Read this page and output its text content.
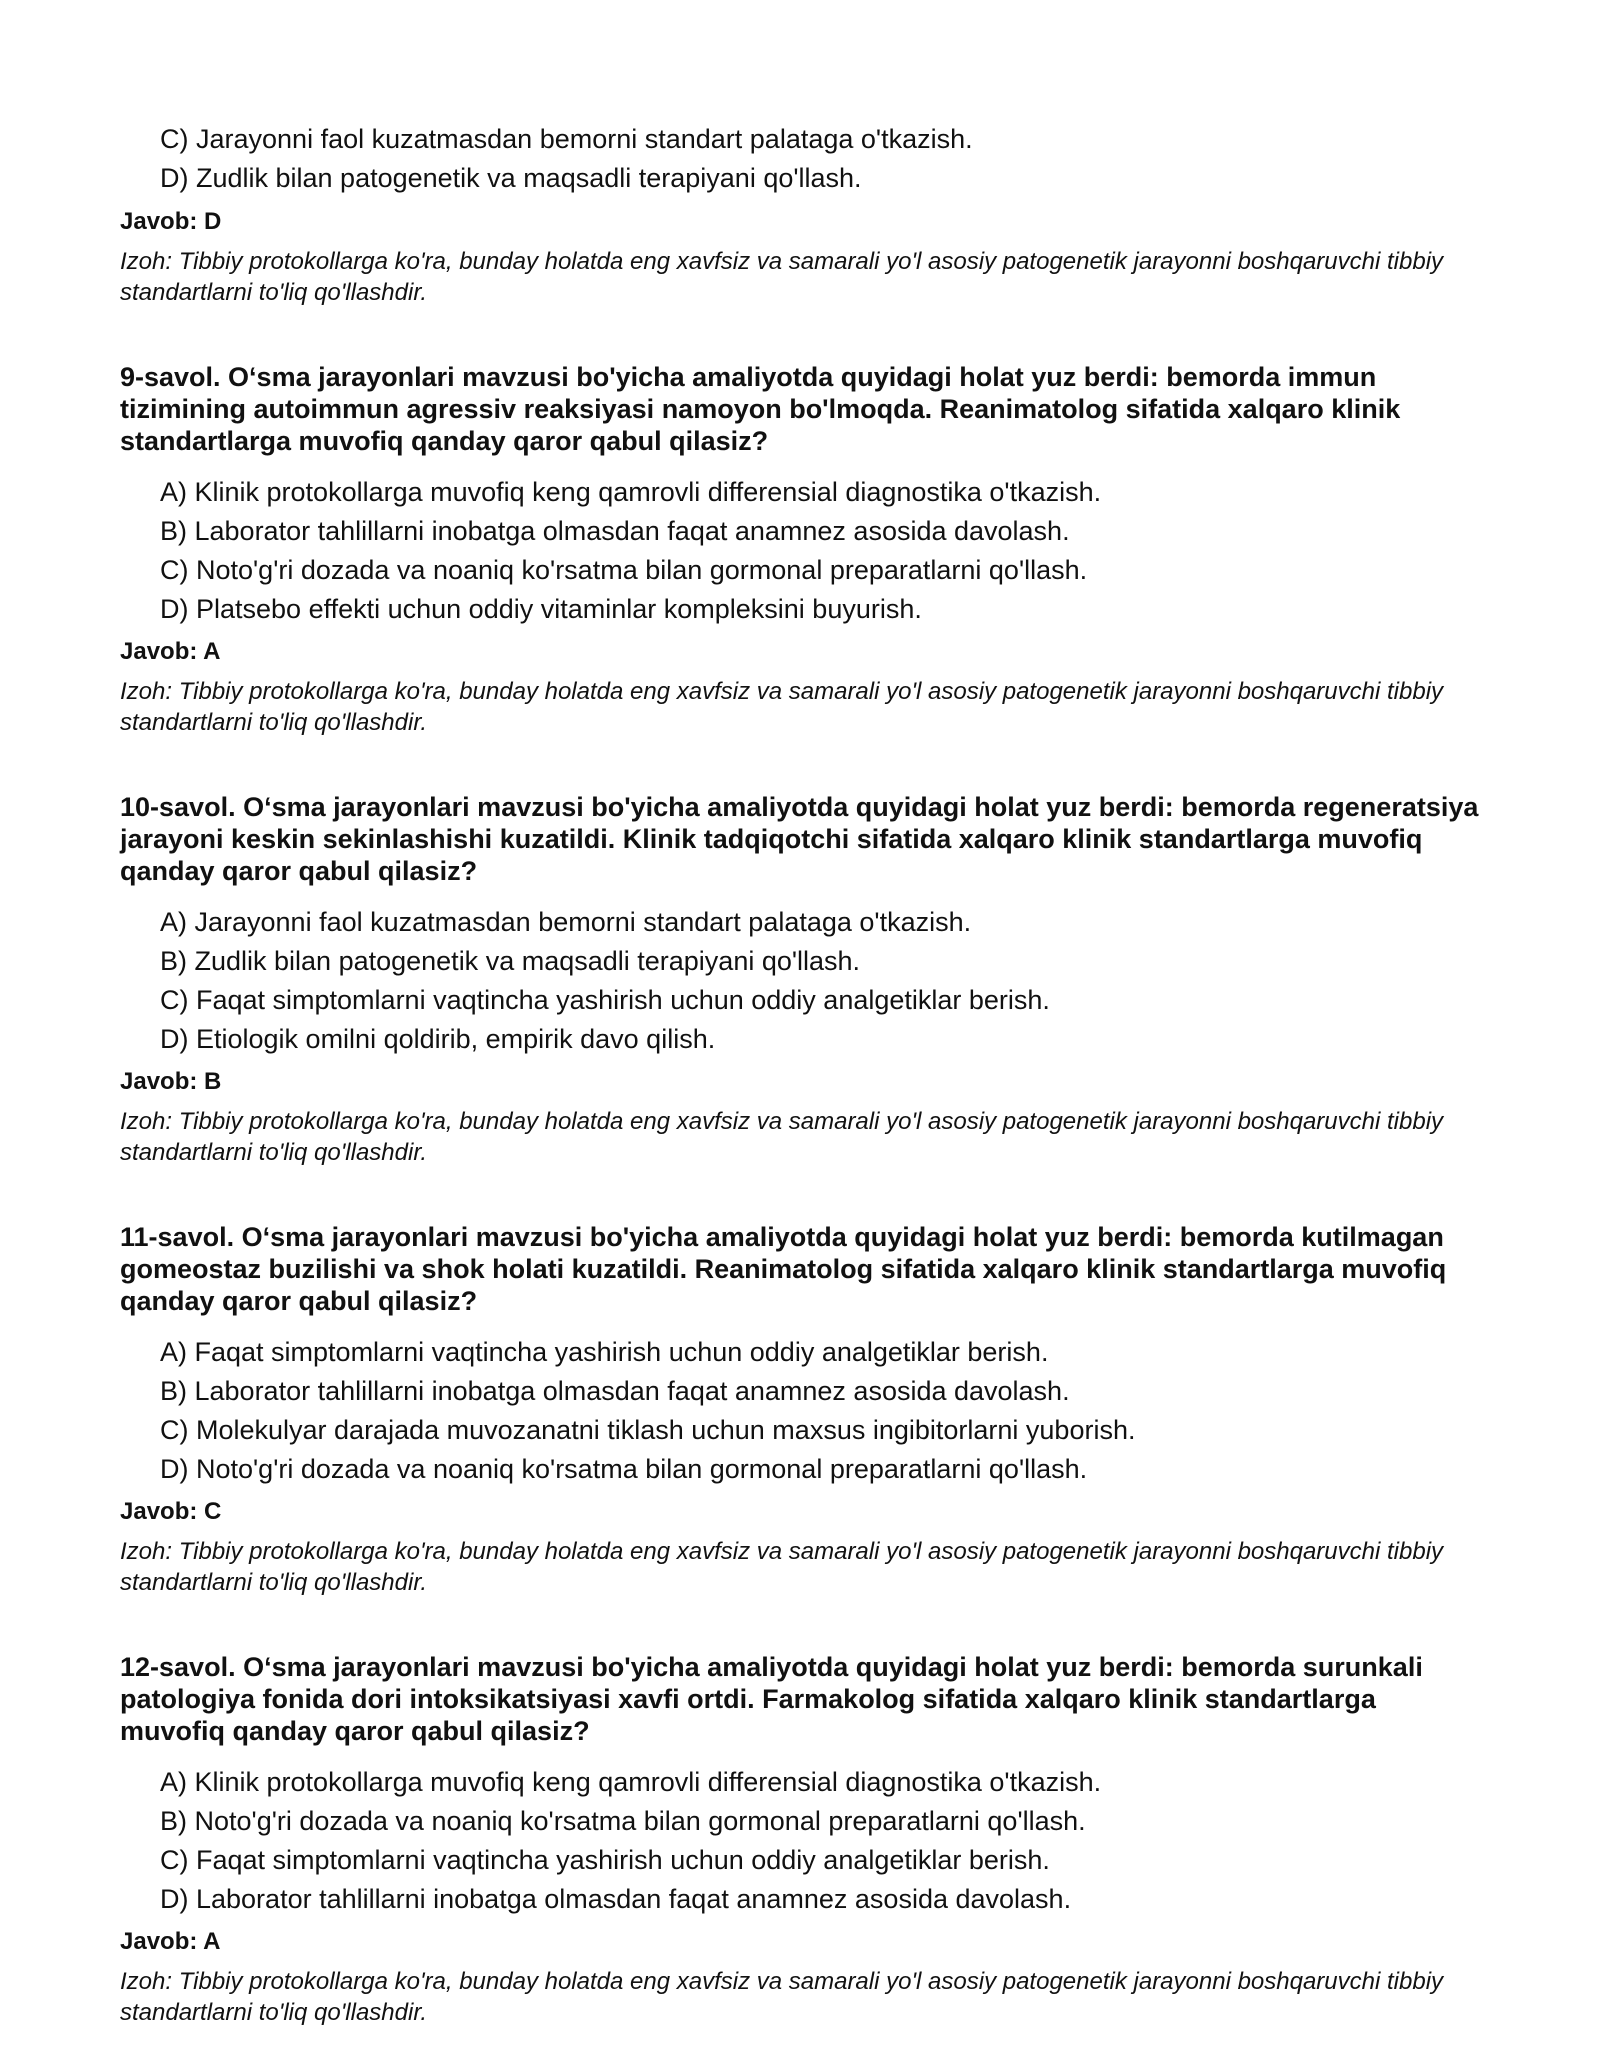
C) Jarayonni faol kuzatmasdan bemorni standart palataga o'tkazish.
D) Zudlik bilan patogenetik va maqsadli terapiyani qo'llash.
Javob: D
Izoh: Tibbiy protokollarga ko'ra, bunday holatda eng xavfsiz va samarali yo'l asosiy patogenetik jarayonni boshqaruvchi tibbiy standartlarni to'liq qo'llashdir.
9-savol. O‘sma jarayonlari mavzusi bo'yicha amaliyotda quyidagi holat yuz berdi: bemorda immun tizimining autoimmun agressiv reaksiyasi namoyon bo'lmoqda. Reanimatolog sifatida xalqaro klinik standartlarga muvofiq qanday qaror qabul qilasiz?
A) Klinik protokollarga muvofiq keng qamrovli differensial diagnostika o'tkazish.
B) Laborator tahlillarni inobatga olmasdan faqat anamnez asosida davolash.
C) Noto'g'ri dozada va noaniq ko'rsatma bilan gormonal preparatlarni qo'llash.
D) Platsebo effekti uchun oddiy vitaminlar kompleksini buyurish.
Javob: A
Izoh: Tibbiy protokollarga ko'ra, bunday holatda eng xavfsiz va samarali yo'l asosiy patogenetik jarayonni boshqaruvchi tibbiy standartlarni to'liq qo'llashdir.
10-savol. O‘sma jarayonlari mavzusi bo'yicha amaliyotda quyidagi holat yuz berdi: bemorda regeneratsiya jarayoni keskin sekinlashishi kuzatildi. Klinik tadqiqotchi sifatida xalqaro klinik standartlarga muvofiq qanday qaror qabul qilasiz?
A) Jarayonni faol kuzatmasdan bemorni standart palataga o'tkazish.
B) Zudlik bilan patogenetik va maqsadli terapiyani qo'llash.
C) Faqat simptomlarni vaqtincha yashirish uchun oddiy analgetiklar berish.
D) Etiologik omilni qoldirib, empirik davo qilish.
Javob: B
Izoh: Tibbiy protokollarga ko'ra, bunday holatda eng xavfsiz va samarali yo'l asosiy patogenetik jarayonni boshqaruvchi tibbiy standartlarni to'liq qo'llashdir.
11-savol. O‘sma jarayonlari mavzusi bo'yicha amaliyotda quyidagi holat yuz berdi: bemorda kutilmagan gomeostaz buzilishi va shok holati kuzatildi. Reanimatolog sifatida xalqaro klinik standartlarga muvofiq qanday qaror qabul qilasiz?
A) Faqat simptomlarni vaqtincha yashirish uchun oddiy analgetiklar berish.
B) Laborator tahlillarni inobatga olmasdan faqat anamnez asosida davolash.
C) Molekulyar darajada muvozanatni tiklash uchun maxsus ingibitorlarni yuborish.
D) Noto'g'ri dozada va noaniq ko'rsatma bilan gormonal preparatlarni qo'llash.
Javob: C
Izoh: Tibbiy protokollarga ko'ra, bunday holatda eng xavfsiz va samarali yo'l asosiy patogenetik jarayonni boshqaruvchi tibbiy standartlarni to'liq qo'llashdir.
12-savol. O‘sma jarayonlari mavzusi bo'yicha amaliyotda quyidagi holat yuz berdi: bemorda surunkali patologiya fonida dori intoksikatsiyasi xavfi ortdi. Farmakolog sifatida xalqaro klinik standartlarga muvofiq qanday qaror qabul qilasiz?
A) Klinik protokollarga muvofiq keng qamrovli differensial diagnostika o'tkazish.
B) Noto'g'ri dozada va noaniq ko'rsatma bilan gormonal preparatlarni qo'llash.
C) Faqat simptomlarni vaqtincha yashirish uchun oddiy analgetiklar berish.
D) Laborator tahlillarni inobatga olmasdan faqat anamnez asosida davolash.
Javob: A
Izoh: Tibbiy protokollarga ko'ra, bunday holatda eng xavfsiz va samarali yo'l asosiy patogenetik jarayonni boshqaruvchi tibbiy standartlarni to'liq qo'llashdir.
